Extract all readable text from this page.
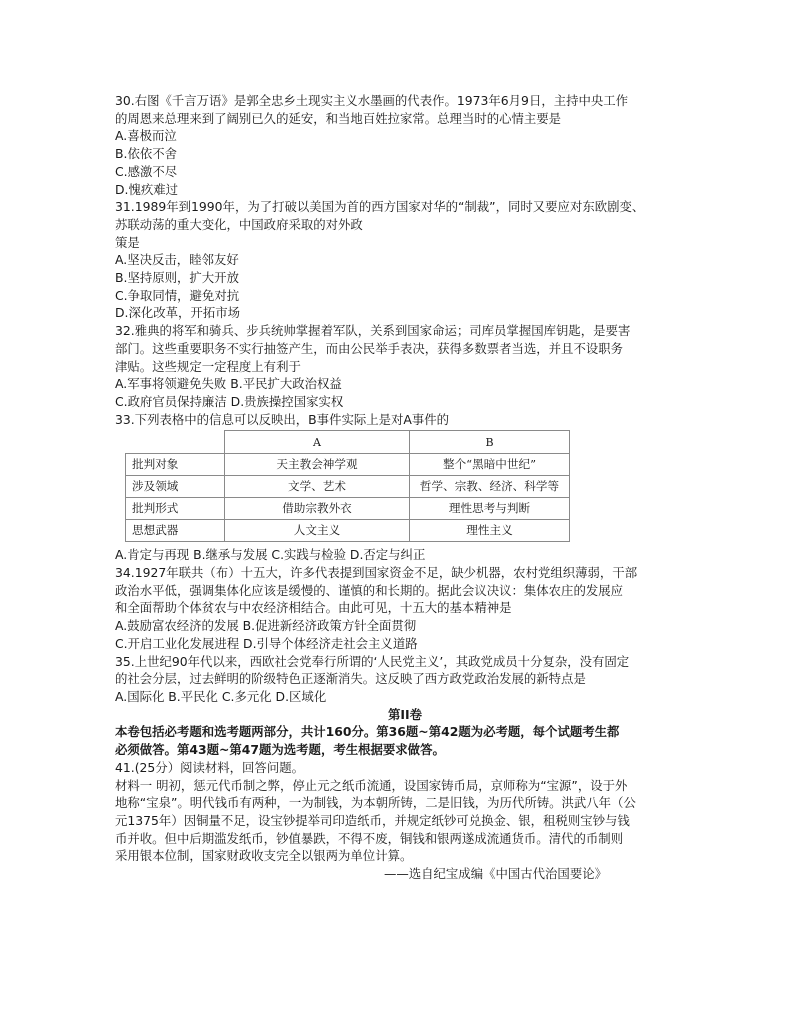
30.右图《千言万语》是郭全忠乡土现实主义水墨画的代表作。1973年6月9日，主持中央工作
的周恩来总理来到了阔别已久的延安，和当地百姓拉家常。总理当时的心情主要是
A.喜极而泣
B.依依不舍
C.感激不尽
D.愧疚难过
31.1989年到1990年，为了打破以美国为首的西方国家对华的“制裁”，同时又要应对东欧剧变、
苏联动荡的重大变化，中国政府采取的对外政
策是
A.坚决反击，睦邻友好
B.坚持原则，扩大开放
C.争取同情，避免对抗
D.深化改革，开拓市场
32.雅典的将军和骑兵、步兵统帅掌握着军队，关系到国家命运；司库员掌握国库钥匙，是要害
部门。这些重要职务不实行抽签产生，而由公民举手表决，获得多数票者当选，并且不设职务
津贴。这些规定一定程度上有利于
A.军事将领避免失败 B.平民扩大政治权益
C.政府官员保持廉洁 D.贵族操控国家实权
33.下列表格中的信息可以反映出，B事件实际上是对A事件的
	A	B
批判对象	天主教会神学观	整个“黑暗中世纪”
涉及领域	文学、艺术	哲学、宗教、经济、科学等
批判形式	借助宗教外衣	理性思考与判断
思想武器	人文主义	理性主义
A.肯定与再现 B.继承与发展 C.实践与检验 D.否定与纠正
34.1927年联共（布）十五大，许多代表提到国家资金不足，缺少机器，农村党组织薄弱，干部
政治水平低，强调集体化应该是缓慢的、谨慎的和长期的。据此会议决议：集体农庄的发展应
和全面帮助个体贫农与中农经济相结合。由此可见，十五大的基本精神是
A.鼓励富农经济的发展 B.促进新经济政策方针全面贯彻
C.开启工业化发展进程 D.引导个体经济走社会主义道路
35.上世纪90年代以来，西欧社会党奉行所谓的‘人民党主义’，其政党成员十分复杂，没有固定
的社会分层，过去鲜明的阶级特色正逐渐消失。这反映了西方政党政治发展的新特点是
A.国际化 B.平民化 C.多元化 D.区域化
第II卷
本卷包括必考题和选考题两部分，共计160分。第36题~第42题为必考题，每个试题考生都
必须做答。第43题~第47题为选考题，考生根据要求做答。
41.(25分）阅读材料，回答问题。
材料一 明初，惩元代币制之弊，停止元之纸币流通，设国家铸币局，京师称为“宝源”，设于外
地称“宝泉”。明代钱币有两种，一为制钱，为本朝所铸，二是旧钱，为历代所铸。洪武八年（公
元1375年）因铜量不足，设宝钞提举司印造纸币，并规定纸钞可兑换金、银，租税则宝钞与钱
币并收。但中后期滥发纸币，钞值暴跌，不得不废，铜钱和银两遂成流通货币。清代的币制则
采用银本位制，国家财政收支完全以银两为单位计算。
——选自纪宝成编《中国古代治国要论》
